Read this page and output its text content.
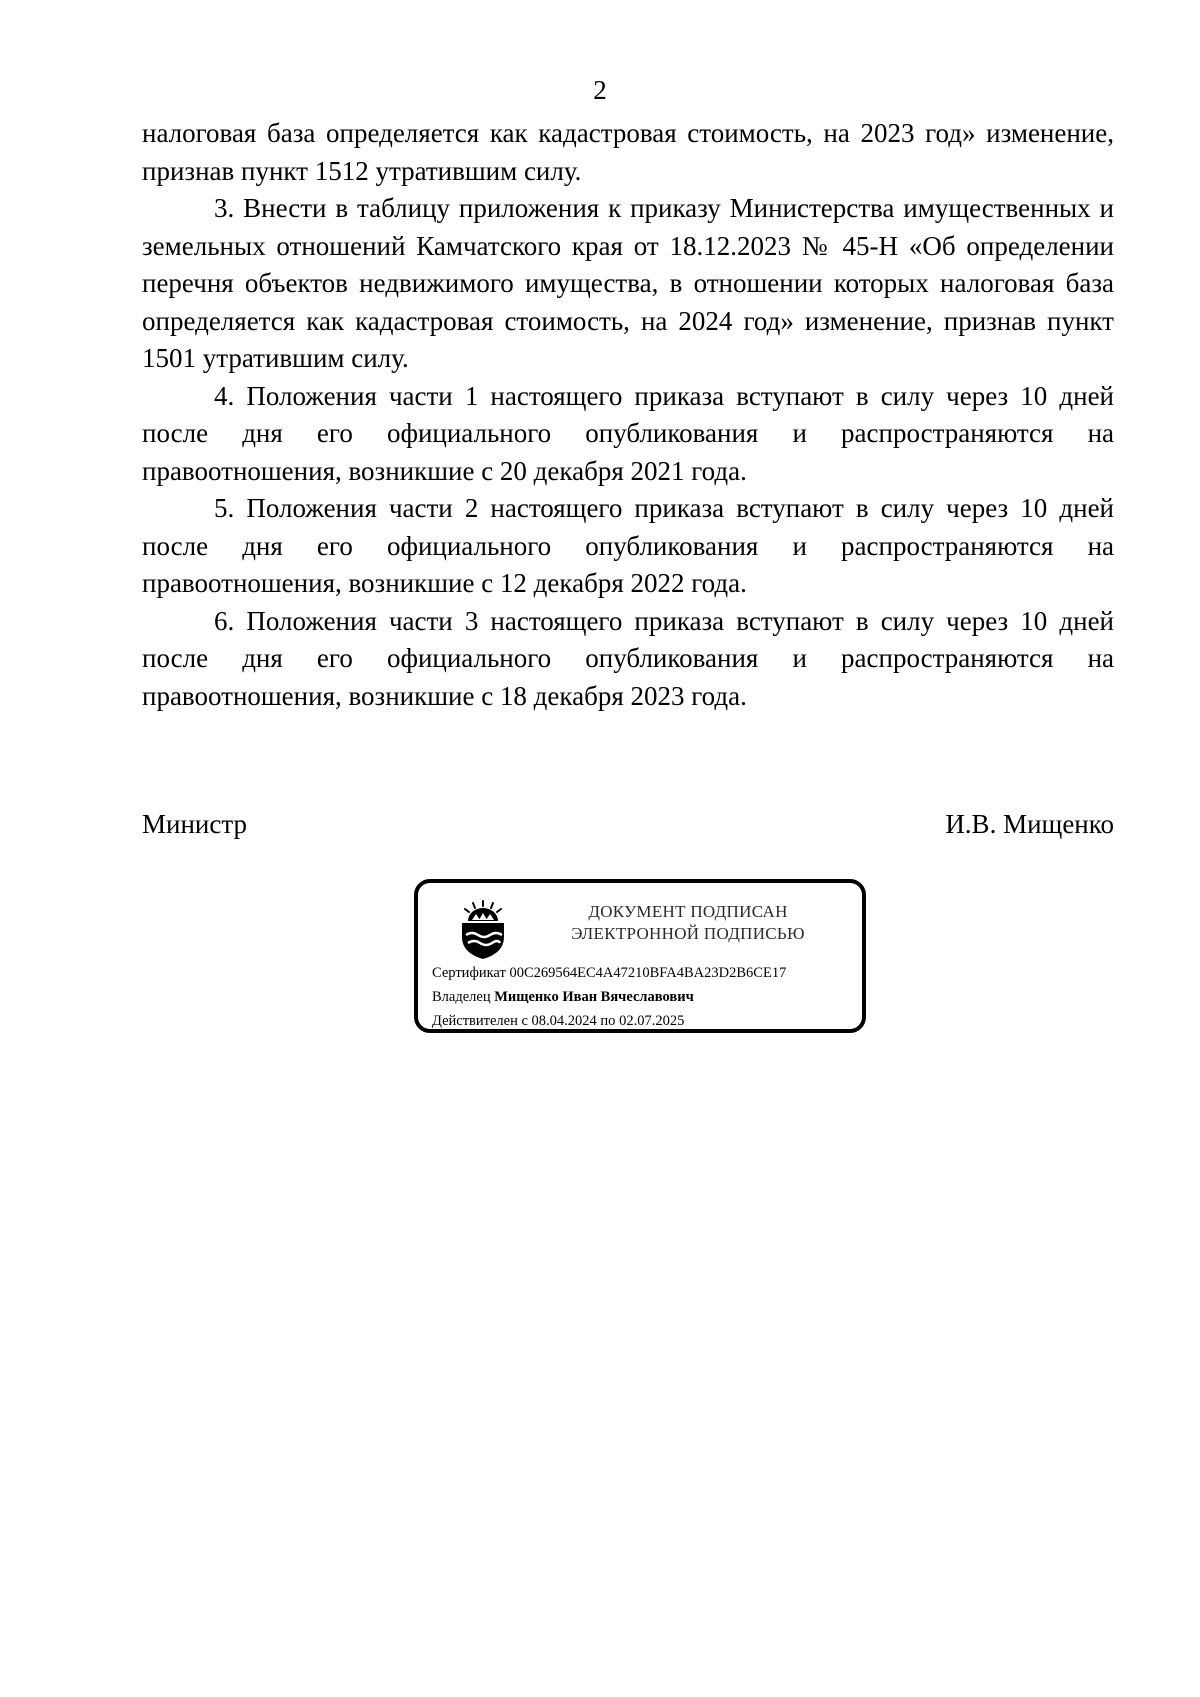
2

налоговая база определяется как кадастровая стоимость, на 2023 год» изменение, признав пункт 1512 утратившим силу.

3. Внести в таблицу приложения к приказу Министерства имущественных и земельных отношений Камчатского края от 18.12.2023 № 45-Н «Об определении перечня объектов недвижимого имущества, в отношении которых налоговая база определяется как кадастровая стоимость, на 2024 год» изменение, признав пункт 1501 утратившим силу.

4. Положения части 1 настоящего приказа вступают в силу через 10 дней после дня его официального опубликования и распространяются на правоотношения, возникшие с 20 декабря 2021 года.

5. Положения части 2 настоящего приказа вступают в силу через 10 дней после дня его официального опубликования и распространяются на правоотношения, возникшие с 12 декабря 2022 года.

6. Положения части 3 настоящего приказа вступают в силу через 10 дней после дня его официального опубликования и распространяются на правоотношения, возникшие с 18 декабря 2023 года.

Министр	И.В. Мищенко
ДОКУМЕНТ ПОДПИСАН
ЭЛЕКТРОННОЙ ПОДПИСЬЮ
Сертификат 00C269564EC4A47210BFA4BA23D2B6CE17
Владелец Мищенко Иван Вячеславович
Действителен с 08.04.2024 по 02.07.2025
